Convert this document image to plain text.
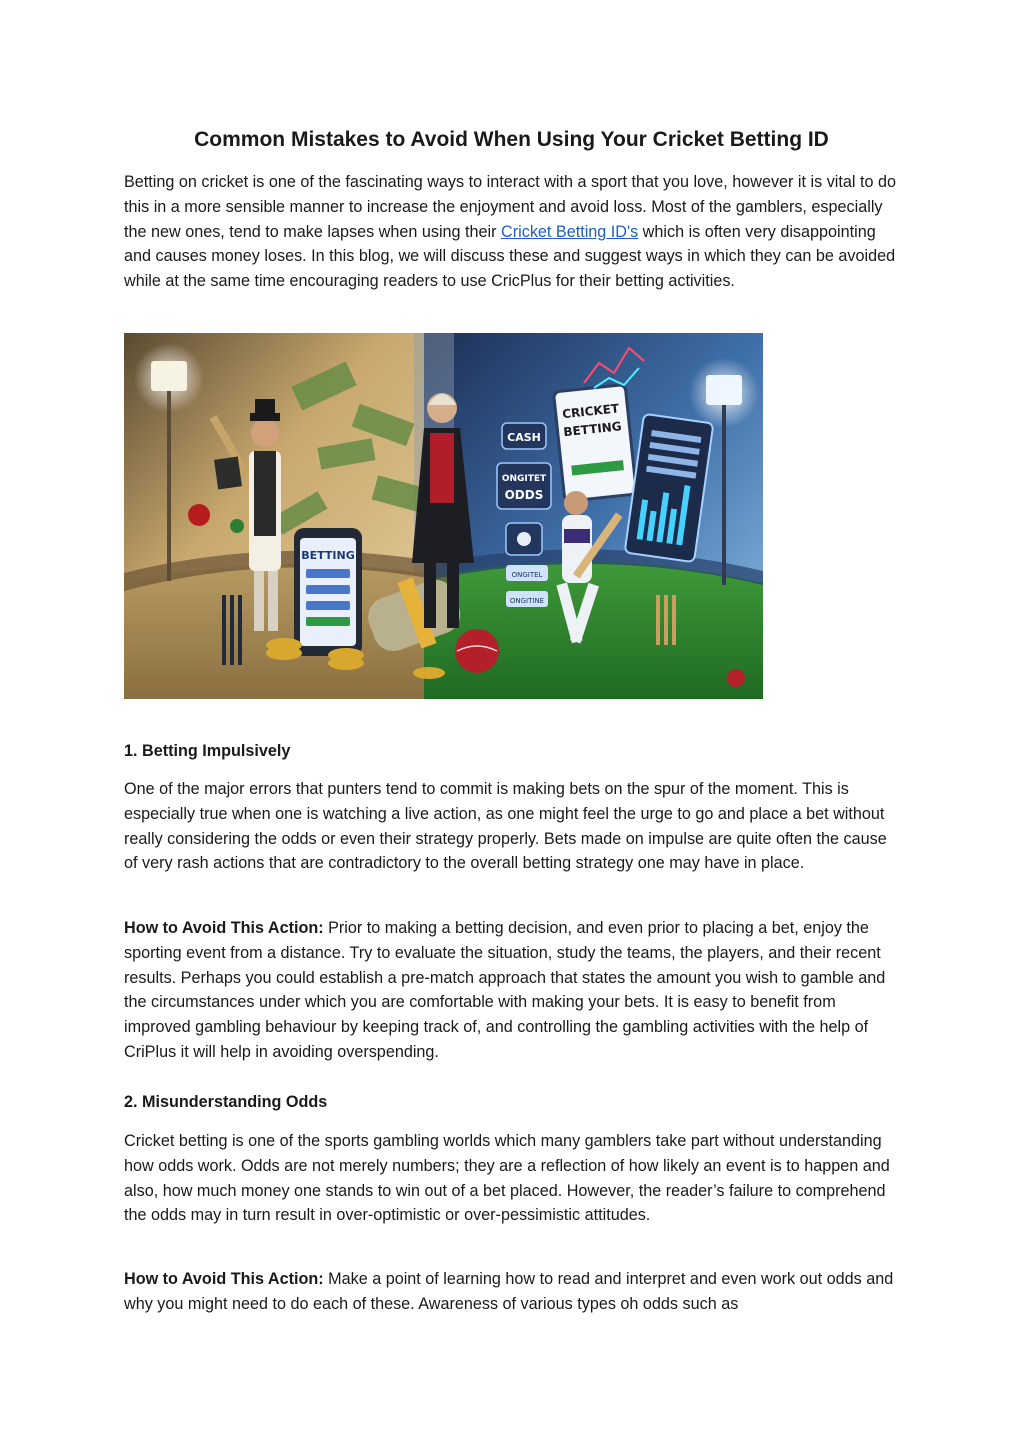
Common Mistakes to Avoid When Using Your Cricket Betting ID

Betting on cricket is one of the fascinating ways to interact with a sport that you love, however it is vital to do this in a more sensible manner to increase the enjoyment and avoid loss. Most of the gamblers, especially the new ones, tend to make lapses when using their Cricket Betting ID's which is often very disappointing and causes money loses. In this blog, we will discuss these and suggest ways in which they can be avoided while at the same time encouraging readers to use CricPlus for their betting activities.

BETTING
CASH
ONGITET
ODDS
ONGITEL
ONGITINE
CRICKET
BETTING
1. Betting Impulsively

One of the major errors that punters tend to commit is making bets on the spur of the moment. This is especially true when one is watching a live action, as one might feel the urge to go and place a bet without really considering the odds or even their strategy properly. Bets made on impulse are quite often the cause of very rash actions that are contradictory to the overall betting strategy one may have in place.

How to Avoid This Action: Prior to making a betting decision, and even prior to placing a bet, enjoy the sporting event from a distance. Try to evaluate the situation, study the teams, the players, and their recent results. Perhaps you could establish a pre-match approach that states the amount you wish to gamble and the circumstances under which you are comfortable with making your bets. It is easy to benefit from improved gambling behaviour by keeping track of, and controlling the gambling activities with the help of CriPlus it will help in avoiding overspending.

2. Misunderstanding Odds

Cricket betting is one of the sports gambling worlds which many gamblers take part without understanding how odds work. Odds are not merely numbers; they are a reflection of how likely an event is to happen and also, how much money one stands to win out of a bet placed. However, the reader’s failure to comprehend the odds may in turn result in over-optimistic or over-pessimistic attitudes.

How to Avoid This Action: Make a point of learning how to read and interpret and even work out odds and why you might need to do each of these. Awareness of various types oh odds such as
